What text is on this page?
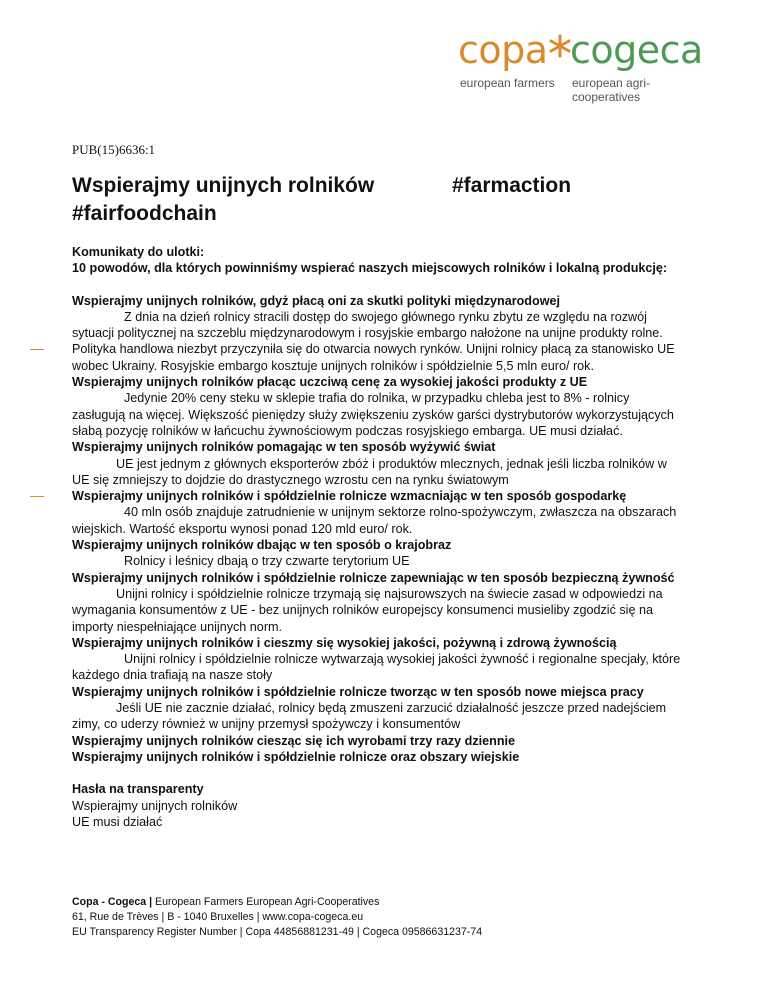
copa cogeca
european farmers european agri-cooperatives
PUB(15)6636:1
Wspierajmy unijnych rolników	#farmaction
#fairfoodchain

Komunikaty do ulotki:

10 powodów, dla których powinniśmy wspierać naszych miejscowych rolników i lokalną produkcję:

Wspierajmy unijnych rolników, gdyż płacą oni za skutki polityki międzynarodowej

Z dnia na dzień rolnicy stracili dostęp do swojego głównego rynku zbytu ze względu na rozwój sytuacji politycznej na szczeblu międzynarodowym i rosyjskie embargo nałożone na unijne produkty rolne. Polityka handlowa niezbyt przyczyniła się do otwarcia nowych rynków. Unijni rolnicy płacą za stanowisko UE wobec Ukrainy. Rosyjskie embargo kosztuje unijnych rolników i spółdzielnie 5,5 mln euro/ rok.

Wspierajmy unijnych rolników płacąc uczciwą cenę za wysokiej jakości produkty z UE

Jedynie 20% ceny steku w sklepie trafia do rolnika, w przypadku chleba jest to 8% - rolnicy zasługują na więcej. Większość pieniędzy służy zwiększeniu zysków garści dystrybutorów wykorzystujących słabą pozycję rolników w łańcuchu żywnościowym podczas rosyjskiego embarga. UE musi działać.

Wspierajmy unijnych rolników pomagając w ten sposób wyżywić świat

UE jest jednym z głównych eksporterów zbóż i produktów mlecznych, jednak jeśli liczba rolników w UE się zmniejszy to dojdzie do drastycznego wzrostu cen na rynku światowym

Wspierajmy unijnych rolników i spółdzielnie rolnicze wzmacniając w ten sposób gospodarkę

40 mln osób znajduje zatrudnienie w unijnym sektorze rolno-spożywczym, zwłaszcza na obszarach wiejskich. Wartość eksportu wynosi ponad 120 mld euro/ rok.

Wspierajmy unijnych rolników dbając w ten sposób o krajobraz

Rolnicy i leśnicy dbają o trzy czwarte terytorium UE

Wspierajmy unijnych rolników i spółdzielnie rolnicze zapewniając w ten sposób bezpieczną żywność

Unijni rolnicy i spółdzielnie rolnicze trzymają się najsurowszych na świecie zasad w odpowiedzi na wymagania konsumentów z UE - bez unijnych rolników europejscy konsumenci musieliby zgodzić się na importy niespełniające unijnych norm.

Wspierajmy unijnych rolników i cieszmy się wysokiej jakości, pożywną i zdrową żywnością

Unijni rolnicy i spółdzielnie rolnicze wytwarzają wysokiej jakości żywność i regionalne specjały, które każdego dnia trafiają na nasze stoły

Wspierajmy unijnych rolników i spółdzielnie rolnicze tworząc w ten sposób nowe miejsca pracy

Jeśli UE nie zacznie działać, rolnicy będą zmuszeni zarzucić działalność jeszcze przed nadejściem zimy, co uderzy również w unijny przemysł spożywczy i konsumentów

Wspierajmy unijnych rolników ciesząc się ich wyrobami trzy razy dziennie

Wspierajmy unijnych rolników i spółdzielnie rolnicze oraz obszary wiejskie

Hasła na transparenty

Wspierajmy unijnych rolników

UE musi działać

Copa - Cogeca | European Farmers European Agri-Cooperatives

61, Rue de Trèves | B - 1040 Bruxelles | www.copa-cogeca.eu

EU Transparency Register Number | Copa 44856881231-49 | Cogeca 09586631237-74
